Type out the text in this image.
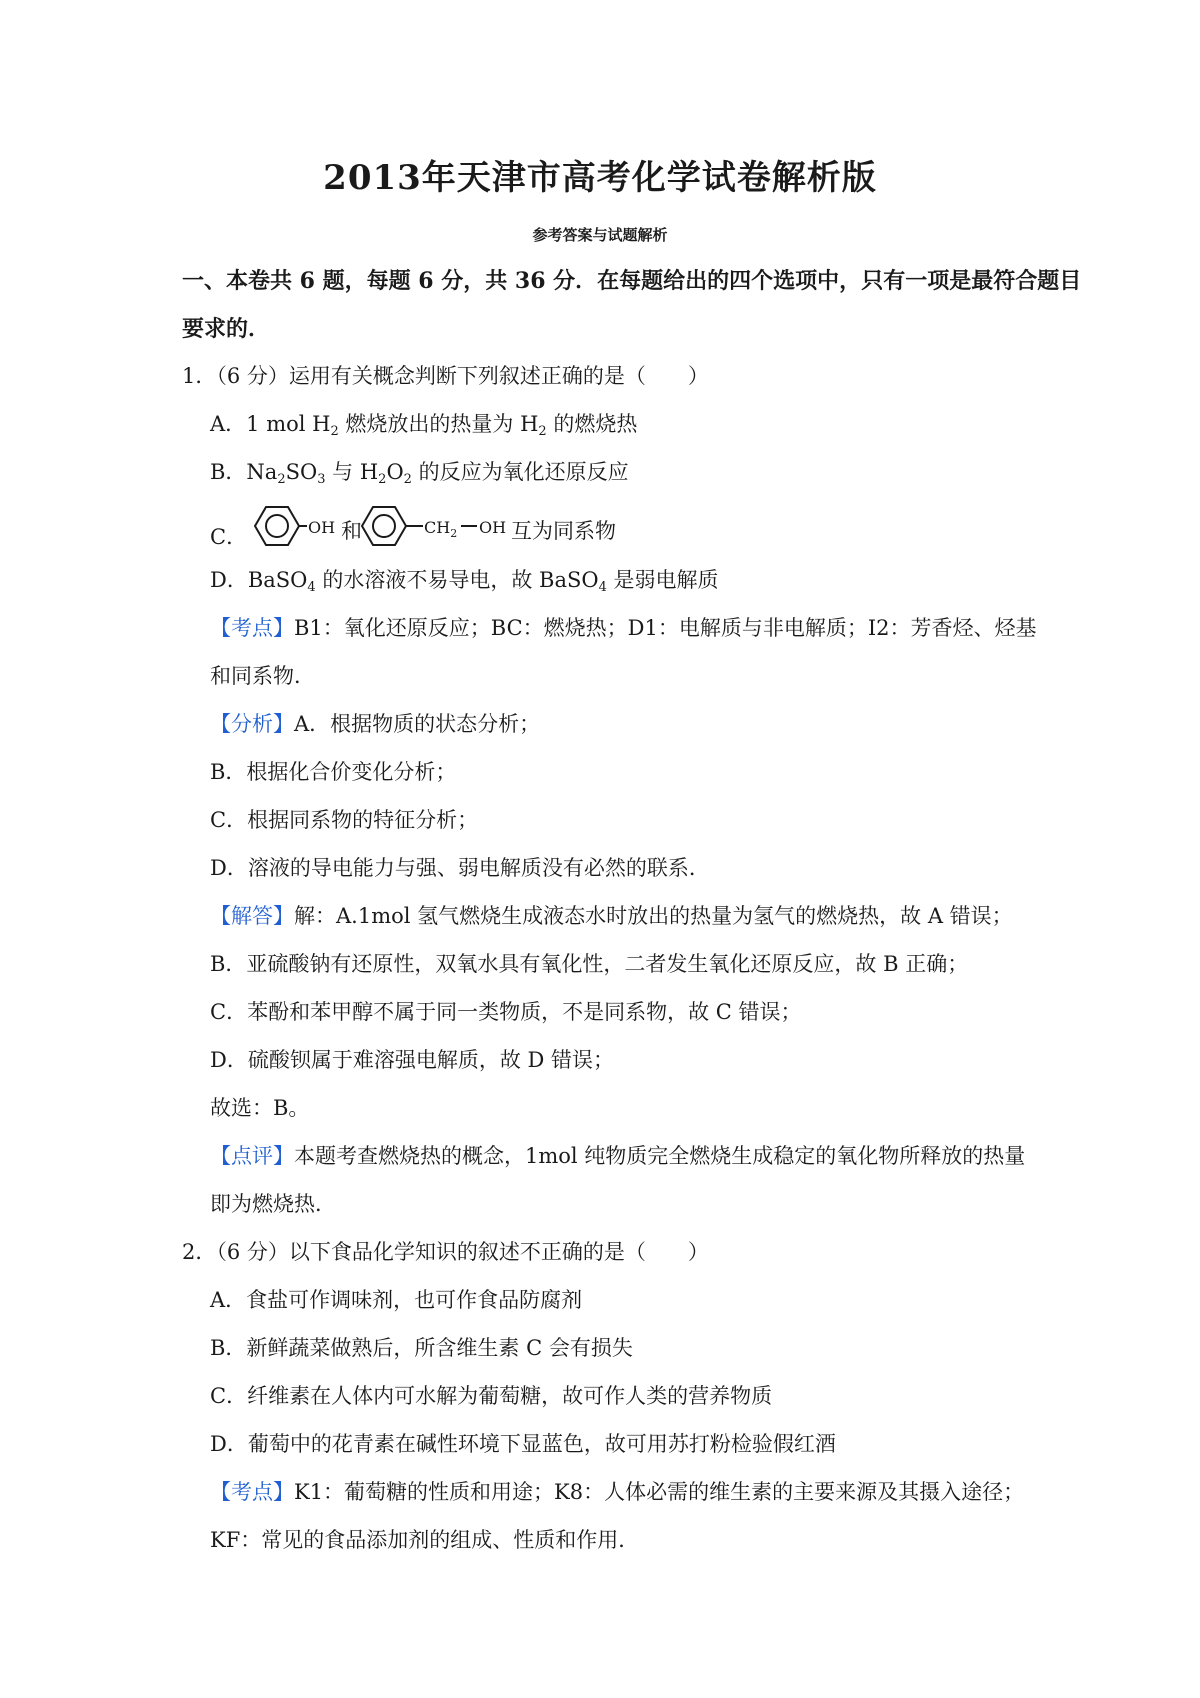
2013年天津市高考化学试卷解析版
参考答案与试题解析
一、本卷共 6 题，每题 6 分，共 36 分．在每题给出的四个选项中，只有一项是最符合题目
要求的．
1．（6 分）运用有关概念判断下列叙述正确的是（　　）
A．1 mol $H_2$ 燃烧放出的热量为 $H_2$ 的燃烧热
B．$Na_2SO_3$ 与 $H_2O_2$ 的反应为氧化还原反应
C．	OH 和	$CH_2$ OH 互为同系物
D．BaSO$_4$ 的水溶液不易导电，故 BaSO$_4$ 是弱电解质
【考点】B1：氧化还原反应；BC：燃烧热；D1：电解质与非电解质；I2：芳香烃、烃基
和同系物．
【分析】A．根据物质的状态分析；
B．根据化合价变化分析；
C．根据同系物的特征分析；
D．溶液的导电能力与强、弱电解质没有必然的联系．
【解答】解：A.1mol 氢气燃烧生成液态水时放出的热量为氢气的燃烧热，故 A 错误；
B．亚硫酸钠有还原性，双氧水具有氧化性，二者发生氧化还原反应，故 B 正确；
C．苯酚和苯甲醇不属于同一类物质，不是同系物，故 C 错误；
D．硫酸钡属于难溶强电解质，故 D 错误；
故选：B。
【点评】本题考查燃烧热的概念，1mol 纯物质完全燃烧生成稳定的氧化物所释放的热量
即为燃烧热．
2．（6 分）以下食品化学知识的叙述不正确的是（　　）
A．食盐可作调味剂，也可作食品防腐剂
B．新鲜蔬菜做熟后，所含维生素 C 会有损失
C．纤维素在人体内可水解为葡萄糖，故可作人类的营养物质
D．葡萄中的花青素在碱性环境下显蓝色，故可用苏打粉检验假红酒
【考点】K1：葡萄糖的性质和用途；K8：人体必需的维生素的主要来源及其摄入途径；
KF：常见的食品添加剂的组成、性质和作用．
